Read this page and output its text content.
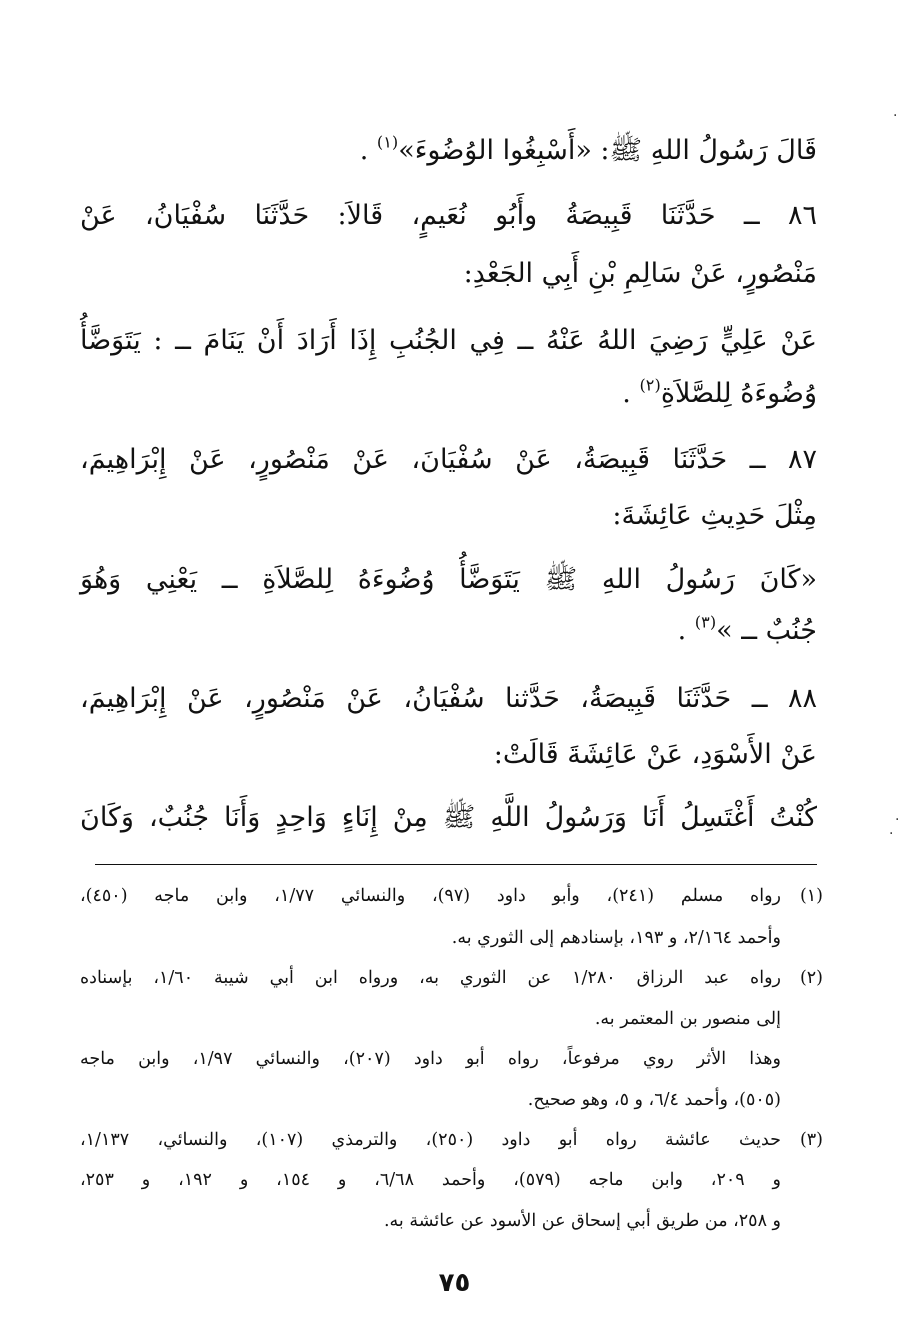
قَالَ رَسُولُ اللهِ ﷺ: «أَسْبِغُوا الوُضُوءَ»$^{(١)}$ .
٨٦ ــ حَدَّثَنَا قَبِيصَةُ وأَبُو نُعَيمٍ، قَالاَ: حَدَّثَنَا سُفْيَانُ، عَنْ
مَنْصُورٍ، عَنْ سَالِمِ بْنِ أَبِي الجَعْدِ:
عَنْ عَلِيٍّ رَضِيَ اللهُ عَنْهُ ــ فِي الجُنُبِ إِذَا أَرَادَ أَنْ يَنَامَ ــ : يَتَوَضَّأُ
وُضُوءَهُ لِلصَّلاَةِ$^{(٢)}$ .
٨٧ ــ حَدَّثَنَا قَبِيصَةُ، عَنْ سُفْيَانَ، عَنْ مَنْصُورٍ، عَنْ إِبْرَاهِيمَ،
مِثْلَ حَدِيثِ عَائِشَةَ:
«كَانَ رَسُولُ اللهِ ﷺ يَتَوَضَّأُ وُضُوءَهُ لِلصَّلاَةِ ــ يَعْنِي وَهُوَ
جُنُبٌ ــ »$^{(٣)}$ .
٨٨ ــ حَدَّثَنَا قَبِيصَةُ، حَدَّثنا سُفْيَانُ، عَنْ مَنْصُورٍ، عَنْ إِبْرَاهِيمَ،
عَنْ الأَسْوَدِ، عَنْ عَائِشَةَ قَالَتْ:
كُنْتُ أَغْتَسِلُ أَنَا وَرَسُولُ اللَّهِ ﷺ مِنْ إِنَاءٍ وَاحِدٍ وَأَنَا جُنُبٌ، وَكَانَ
(١)
رواه مسلم (٢٤١)، وأبو داود (٩٧)، والنسائي ١/٧٧، وابن ماجه (٤٥٠)،
وأحمد ٢/١٦٤، و ١٩٣، بإسنادهم إلى الثوري به.
(٢)
رواه عبد الرزاق ١/٢٨٠ عن الثوري به، ورواه ابن أبي شيبة ١/٦٠، بإسناده
إلى منصور بن المعتمر به.
وهذا الأثر روي مرفوعاً، رواه أبو داود (٢٠٧)، والنسائي ١/٩٧، وابن ماجه
(٥٠٥)، وأحمد ٦/٤، و ٥، وهو صحيح.
(٣)
حديث عائشة رواه أبو داود (٢٥٠)، والترمذي (١٠٧)، والنسائي، ١/١٣٧،
و ٢٠٩، وابن ماجه (٥٧٩)، وأحمد ٦/٦٨، و ١٥٤، و ١٩٢، و ٢٥٣،
و ٢٥٨، من طريق أبي إسحاق عن الأسود عن عائشة به.
٧٥
·
·
·
